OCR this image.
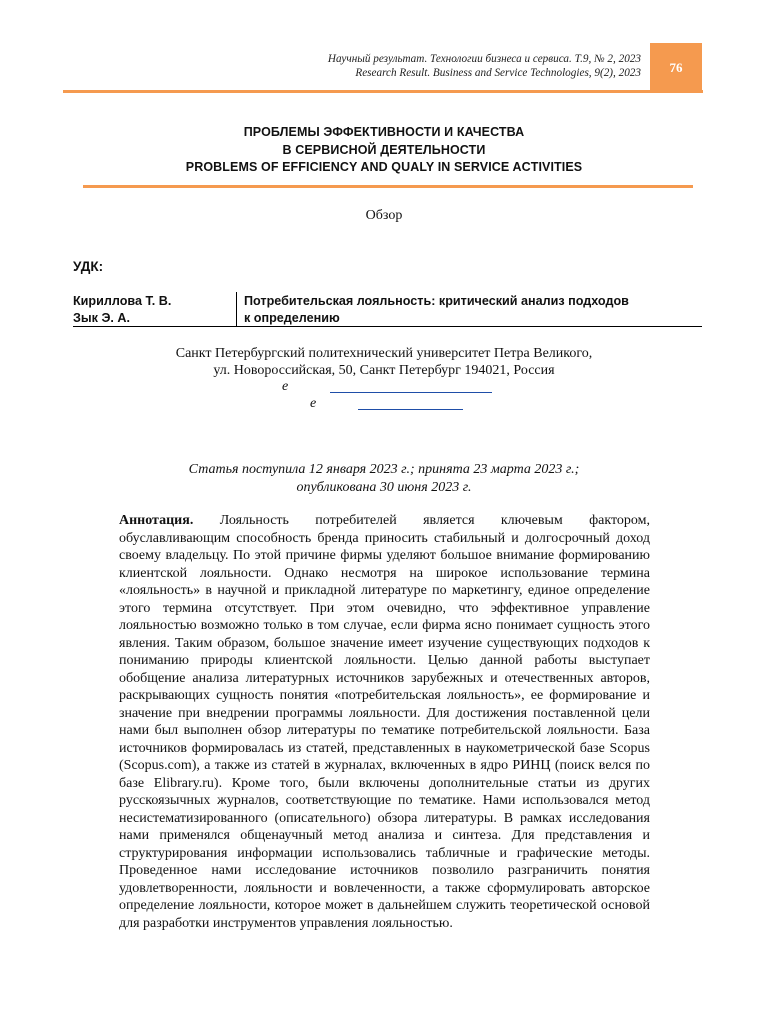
Научный результат. Технологии бизнеса и сервиса. Т.9, № 2, 2023
Research Result. Business and Service Technologies, 9(2), 2023	76
ПРОБЛЕМЫ ЭФФЕКТИВНОСТИ И КАЧЕСТВА
В СЕРВИСНОЙ ДЕЯТЕЛЬНОСТИ
PROBLEMS OF EFFICIENCY AND QUALY IN SERVICE ACTIVITIES
Обзор
УДК:
Кириллова Т. В.
Зык Э. А.
Потребительская лояльность: критический анализ подходов
к определению
Санкт Петербургский политехнический университет Петра Великого,
ул. Новороссийская, 50, Санкт Петербург 194021, Россия
e
e
Статья поступила 12 января 2023 г.; принята 23 марта 2023 г.;
опубликована 30 июня 2023 г.
Аннотация. Лояльность потребителей является ключевым фактором, обуславливающим способность бренда приносить стабильный и долгосрочный доход своему владельцу. По этой причине фирмы уделяют большое внимание формированию клиентской лояльности. Однако несмотря на широкое использование термина «лояльность» в научной и прикладной литературе по маркетингу, единое определение этого термина отсутствует. При этом очевидно, что эффективное управление лояльностью возможно только в том случае, если фирма ясно понимает сущность этого явления. Таким образом, большое значение имеет изучение существующих подходов к пониманию природы клиентской лояльности. Целью данной работы выступает обобщение анализа литературных источников зарубежных и отечественных авторов, раскрывающих сущность понятия «потребительская лояльность», ее формирование и значение при внедрении программы лояльности. Для достижения поставленной цели нами был выполнен обзор литературы по тематике потребительской лояльности. База источников формировалась из статей, представленных в наукометрической базе Scopus (Scopus.com), а также из статей в журналах, включенных в ядро РИНЦ (поиск велся по базе Elibrary.ru). Кроме того, были включены дополнительные статьи из других русскоязычных журналов, соответствующие по тематике. Нами использовался метод несистематизированного (описательного) обзора литературы. В рамках исследования нами применялся общенаучный метод анализа и синтеза. Для представления и структурирования информации использовались табличные и графические методы. Проведенное нами исследование источников позволило разграничить понятия удовлетворенности, лояльности и вовлеченности, а также сформулировать авторское определение лояльности, которое может в дальнейшем служить теоретической основой для разработки инструментов управления лояльностью.
